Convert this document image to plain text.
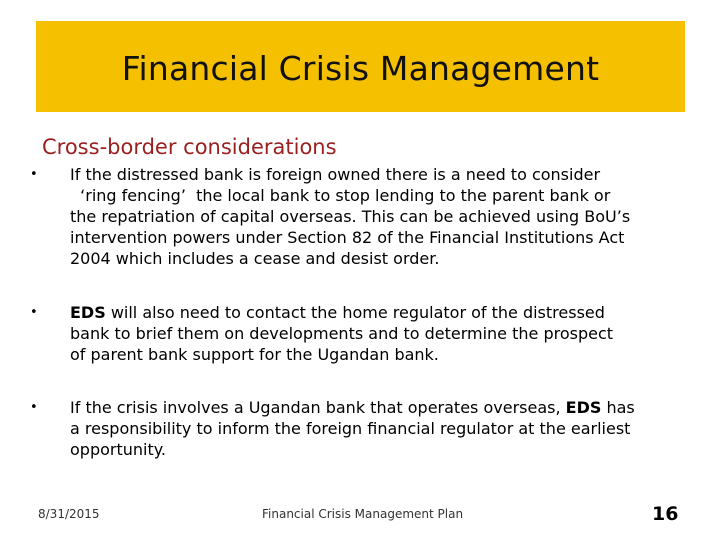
Financial Crisis Management
Cross-border considerations
• If the distressed bank is foreign owned there is a need to consider
‘ring fencing’  the local bank to stop lending to the parent bank or
the repatriation of capital overseas. This can be achieved using BoU’s
intervention powers under Section 82 of the Financial Institutions Act
2004 which includes a cease and desist order.
• EDS will also need to contact the home regulator of the distressed
bank to brief them on developments and to determine the prospect
of parent bank support for the Ugandan bank.
• If the crisis involves a Ugandan bank that operates overseas, EDS has
a responsibility to inform the foreign financial regulator at the earliest
opportunity.
8/31/2015	Financial Crisis Management Plan	16
